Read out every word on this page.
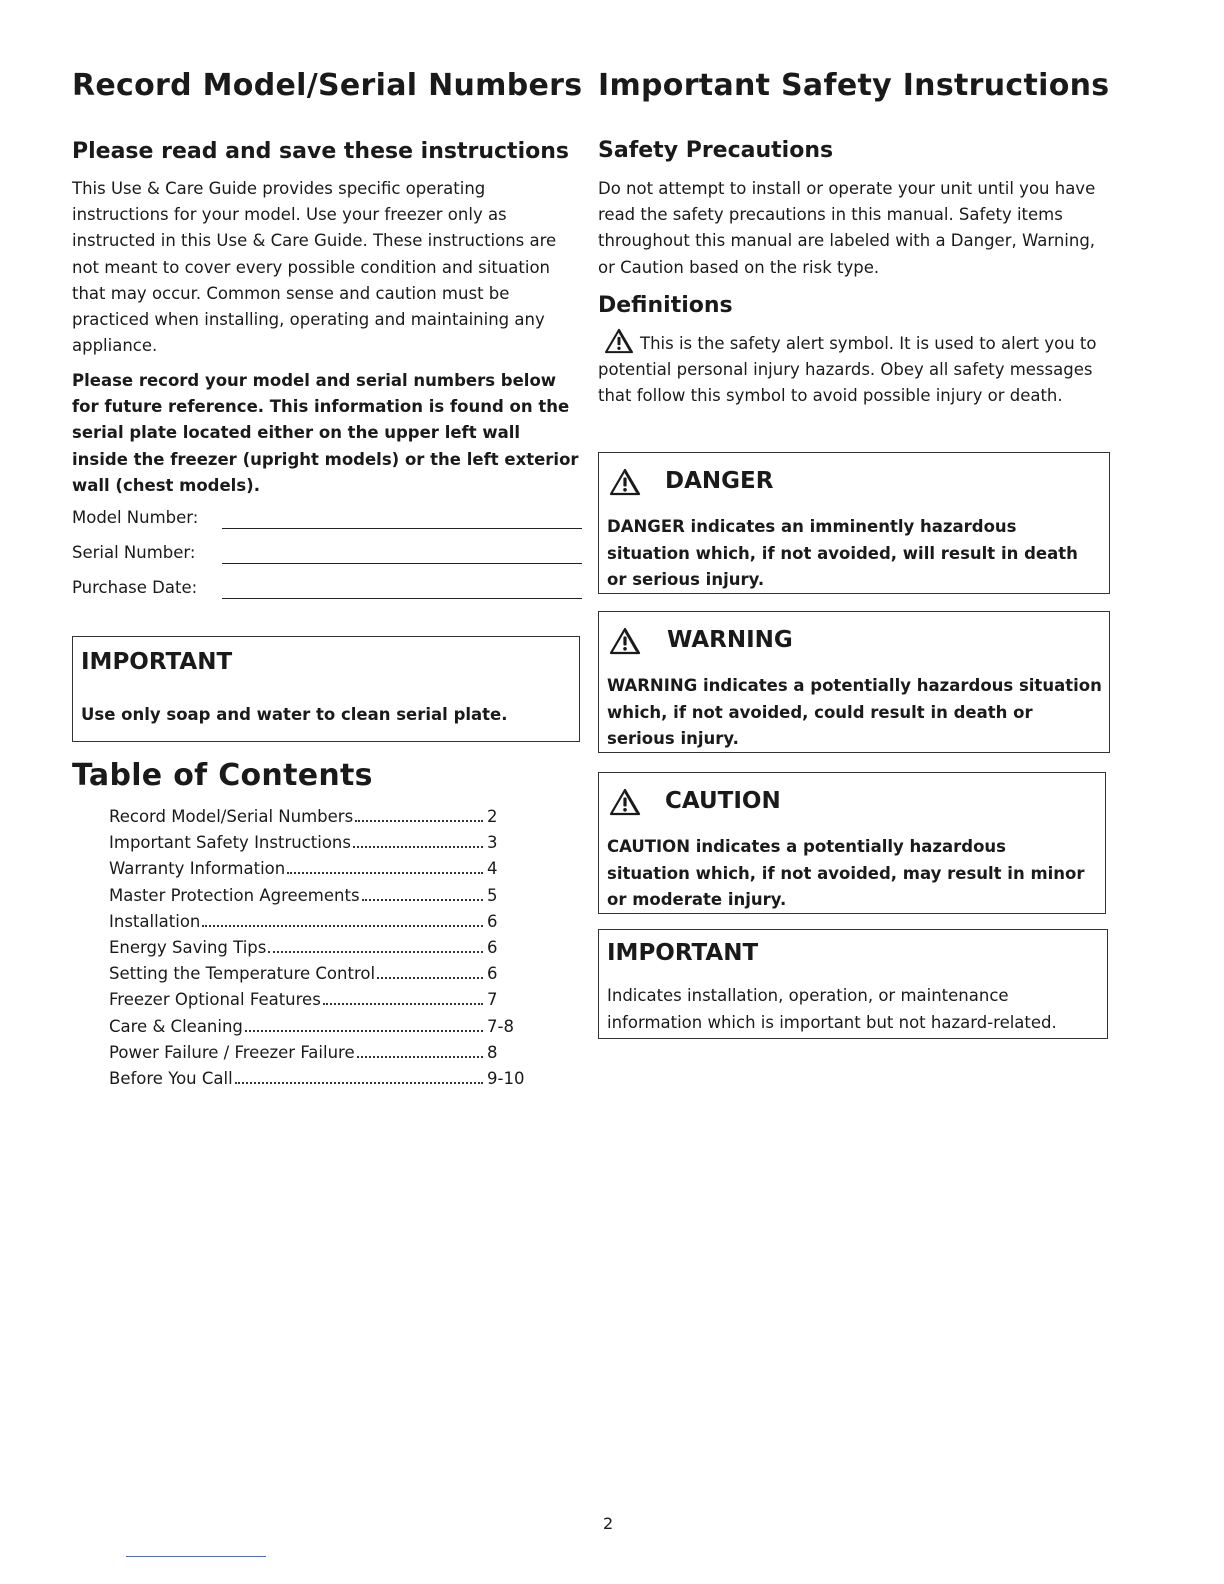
Record Model/Serial Numbers
Please read and save these instructions

This Use & Care Guide provides specific operating instructions for your model. Use your freezer only as instructed in this Use & Care Guide. These instructions are not meant to cover every possible condition and situation that may occur. Common sense and caution must be practiced when installing, operating and maintaining any appliance.

Please record your model and serial numbers below for future reference. This information is found on the serial plate located either on the upper left wall inside the freezer (upright models) or the left exterior wall (chest models).

Model Number:
Serial Number:
Purchase Date:
IMPORTANT

Use only soap and water to clean serial plate.

Table of Contents
Record Model/Serial Numbers	2
Important Safety Instructions	3
Warranty Information	4
Master Protection Agreements	5
Installation	6
Energy Saving Tips	6
Setting the Temperature Control	6
Freezer Optional Features	7
Care & Cleaning	7-8
Power Failure / Freezer Failure	8
Before You Call	9-10
Important Safety Instructions
Safety Precautions

Do not attempt to install or operate your unit until you have read the safety precautions in this manual. Safety items throughout this manual are labeled with a Danger, Warning, or Caution based on the risk type.

Definitions

This is the safety alert symbol. It is used to alert you to potential personal injury hazards. Obey all safety messages that follow this symbol to avoid possible injury or death.

DANGER

DANGER indicates an imminently hazardous situation which, if not avoided, will result in death or serious injury.

WARNING

WARNING indicates a potentially hazardous situation which, if not avoided, could result in death or serious injury.

CAUTION

CAUTION indicates a potentially hazardous situation which, if not avoided, may result in minor or moderate injury.

IMPORTANT

Indicates installation, operation, or maintenance information which is important but not hazard-related.

2
